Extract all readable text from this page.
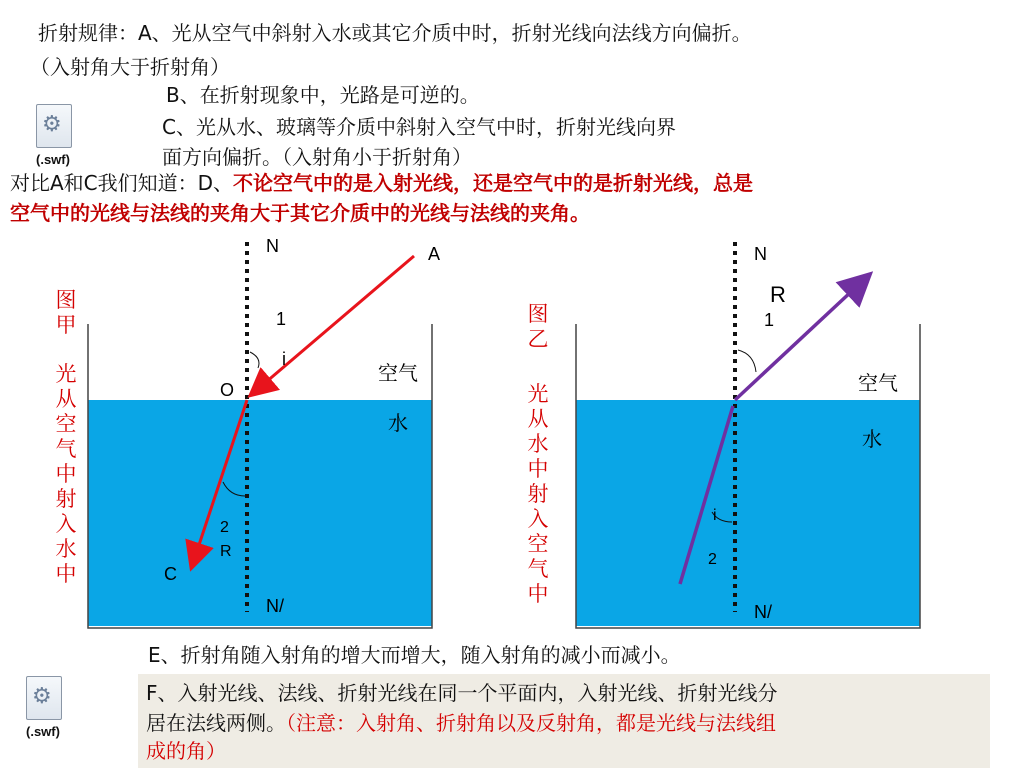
折射规律：A、光从空气中斜射入水或其它介质中时，折射光线向法线方向偏折。
（入射角大于折射角）
B、在折射现象中，光路是可逆的。
C、光从水、玻璃等介质中斜射入空气中时，折射光线向界
面方向偏折。（入射角小于折射角）
⚙
(.swf)
对比A和C我们知道：D、不论空气中的是入射光线，还是空气中的是折射光线，总是
空气中的光线与法线的夹角大于其它介质中的光线与法线的夹角。
图甲
光从空气中射入水中
图乙
光从水中射入空气中
N	A
1
i
O
空气
水
2
R
C
N/
N
R
1
空气
水
i
2
N/
E、折射角随入射角的增大而增大，随入射角的减小而减小。
F、入射光线、法线、折射光线在同一个平面内，入射光线、折射光线分
居在法线两侧。（注意：入射角、折射角以及反射角，都是光线与法线组
成的角）
⚙
(.swf)
